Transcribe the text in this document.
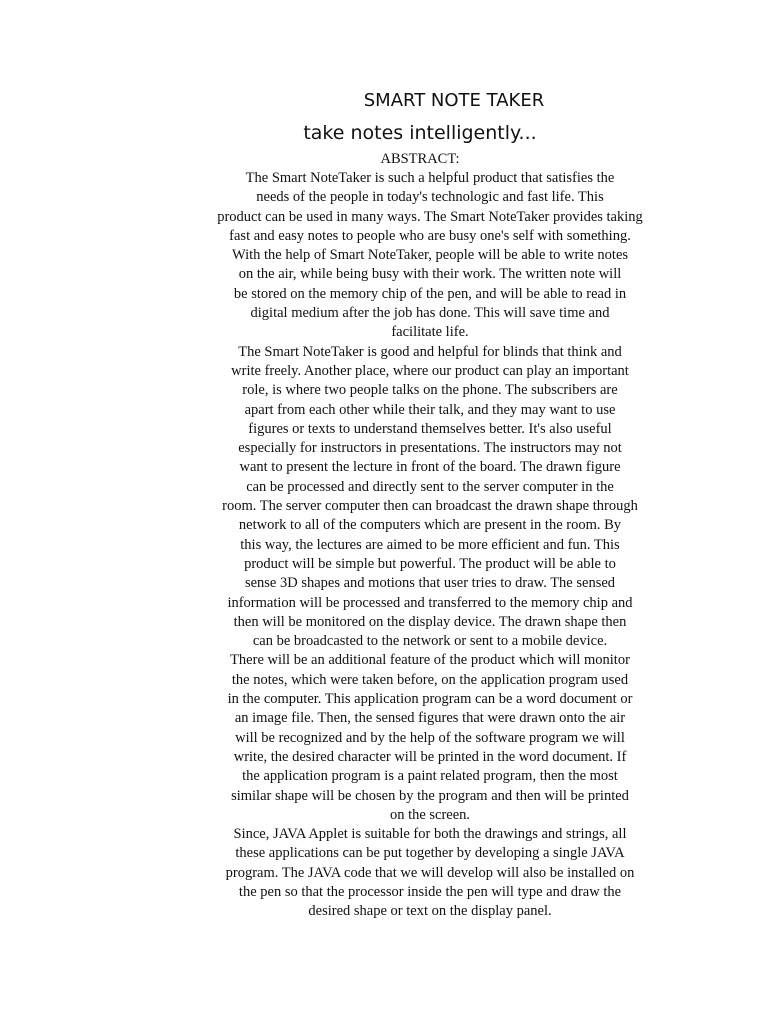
SMART NOTE TAKER
take notes intelligently...
ABSTRACT:
The Smart NoteTaker is such a helpful product that satisfies the
needs of the people in today's technologic and fast life. This
product can be used in many ways. The Smart NoteTaker provides taking
fast and easy notes to people who are busy one's self with something.
With the help of Smart NoteTaker, people will be able to write notes
on the air, while being busy with their work. The written note will
be stored on the memory chip of the pen, and will be able to read in
digital medium after the job has done. This will save time and
facilitate life.
The Smart NoteTaker is good and helpful for blinds that think and
write freely. Another place, where our product can play an important
role, is where two people talks on the phone. The subscribers are
apart from each other while their talk, and they may want to use
figures or texts to understand themselves better. It's also useful
especially for instructors in presentations. The instructors may not
want to present the lecture in front of the board. The drawn figure
can be processed and directly sent to the server computer in the
room. The server computer then can broadcast the drawn shape through
network to all of the computers which are present in the room. By
this way, the lectures are aimed to be more efficient and fun. This
product will be simple but powerful. The product will be able to
sense 3D shapes and motions that user tries to draw. The sensed
information will be processed and transferred to the memory chip and
then will be monitored on the display device. The drawn shape then
can be broadcasted to the network or sent to a mobile device.
There will be an additional feature of the product which will monitor
the notes, which were taken before, on the application program used
in the computer. This application program can be a word document or
an image file. Then, the sensed figures that were drawn onto the air
will be recognized and by the help of the software program we will
write, the desired character will be printed in the word document. If
the application program is a paint related program, then the most
similar shape will be chosen by the program and then will be printed
on the screen.
Since, JAVA Applet is suitable for both the drawings and strings, all
these applications can be put together by developing a single JAVA
program. The JAVA code that we will develop will also be installed on
the pen so that the processor inside the pen will type and draw the
desired shape or text on the display panel.
